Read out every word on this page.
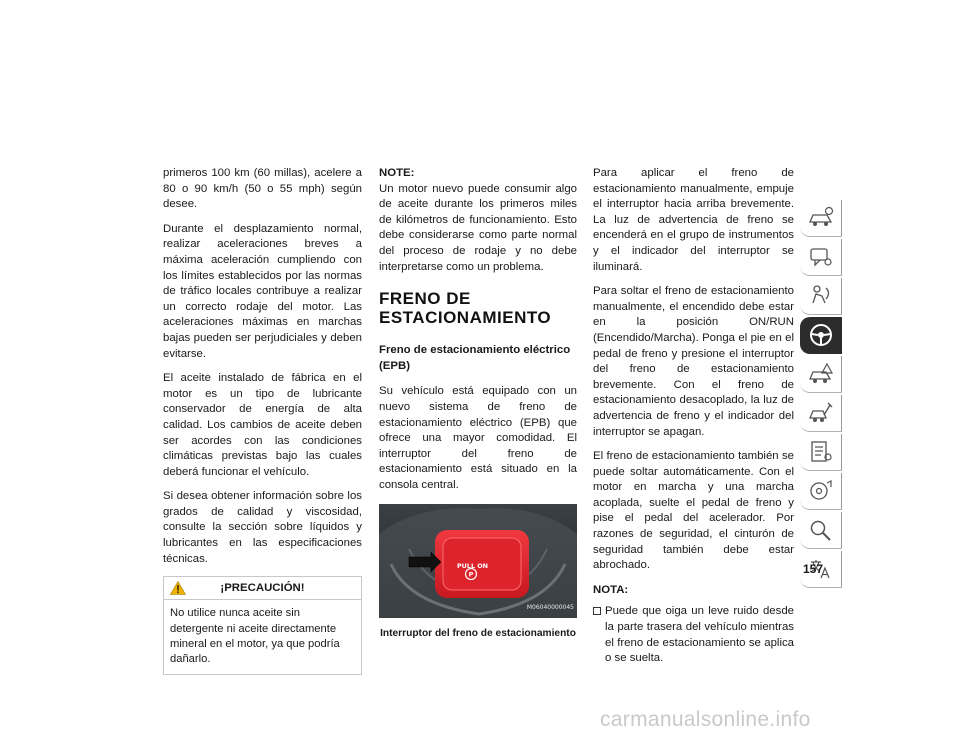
primeros 100 km (60 millas), acelere a 80 o 90 km/h (50 o 55 mph) según desee.

Durante el desplazamiento normal, realizar aceleraciones breves a máxima aceleración cumpliendo con los límites establecidos por las normas de tráfico locales contribuye a realizar un correcto rodaje del motor. Las aceleraciones máximas en marchas bajas pueden ser perjudiciales y deben evitarse.

El aceite instalado de fábrica en el motor es un tipo de lubricante conservador de energía de alta calidad. Los cambios de aceite deben ser acordes con las condiciones climáticas previstas bajo las cuales deberá funcionar el vehículo.

Si desea obtener información sobre los grados de calidad y viscosidad, consulte la sección sobre líquidos y lubricantes en las especificaciones técnicas.

¡PRECAUCIÓN!
No utilice nunca aceite sin detergente ni aceite directamente mineral en el motor, ya que podría dañarlo.
NOTE:

Un motor nuevo puede consumir algo de aceite durante los primeros miles de kilómetros de funcionamiento. Esto debe considerarse como parte normal del proceso de rodaje y no debe interpretarse como un problema.

FRENO DE
ESTACIONAMIENTO
Freno de estacionamiento eléctrico (EPB)

Su vehículo está equipado con un nuevo sistema de freno de estacionamiento eléctrico (EPB) que ofrece una mayor comodidad. El interruptor del freno de estacionamiento está situado en la consola central.

P
PULL ON
M06040000045
Interruptor del freno de estacionamiento

Para aplicar el freno de estacionamiento manualmente, empuje el interruptor hacia arriba brevemente. La luz de advertencia de freno se encenderá en el grupo de instrumentos y el indicador del interruptor se iluminará.

Para soltar el freno de estacionamiento manualmente, el encendido debe estar en la posición ON/RUN (Encendido/Marcha). Ponga el pie en el pedal de freno y presione el interruptor del freno de estacionamiento brevemente. Con el freno de estacionamiento desacoplado, la luz de advertencia de freno y el indicador del interruptor se apagan.

El freno de estacionamiento también se puede soltar automáticamente. Con el motor en marcha y una marcha acoplada, suelte el pedal de freno y pise el pedal del acelerador. Por razones de seguridad, el cinturón de seguridad también debe estar abrochado.

NOTA:

Puede que oiga un leve ruido desde la parte trasera del vehículo mientras el freno de estacionamiento se aplica o se suelta.

157
carmanualsonline.info
